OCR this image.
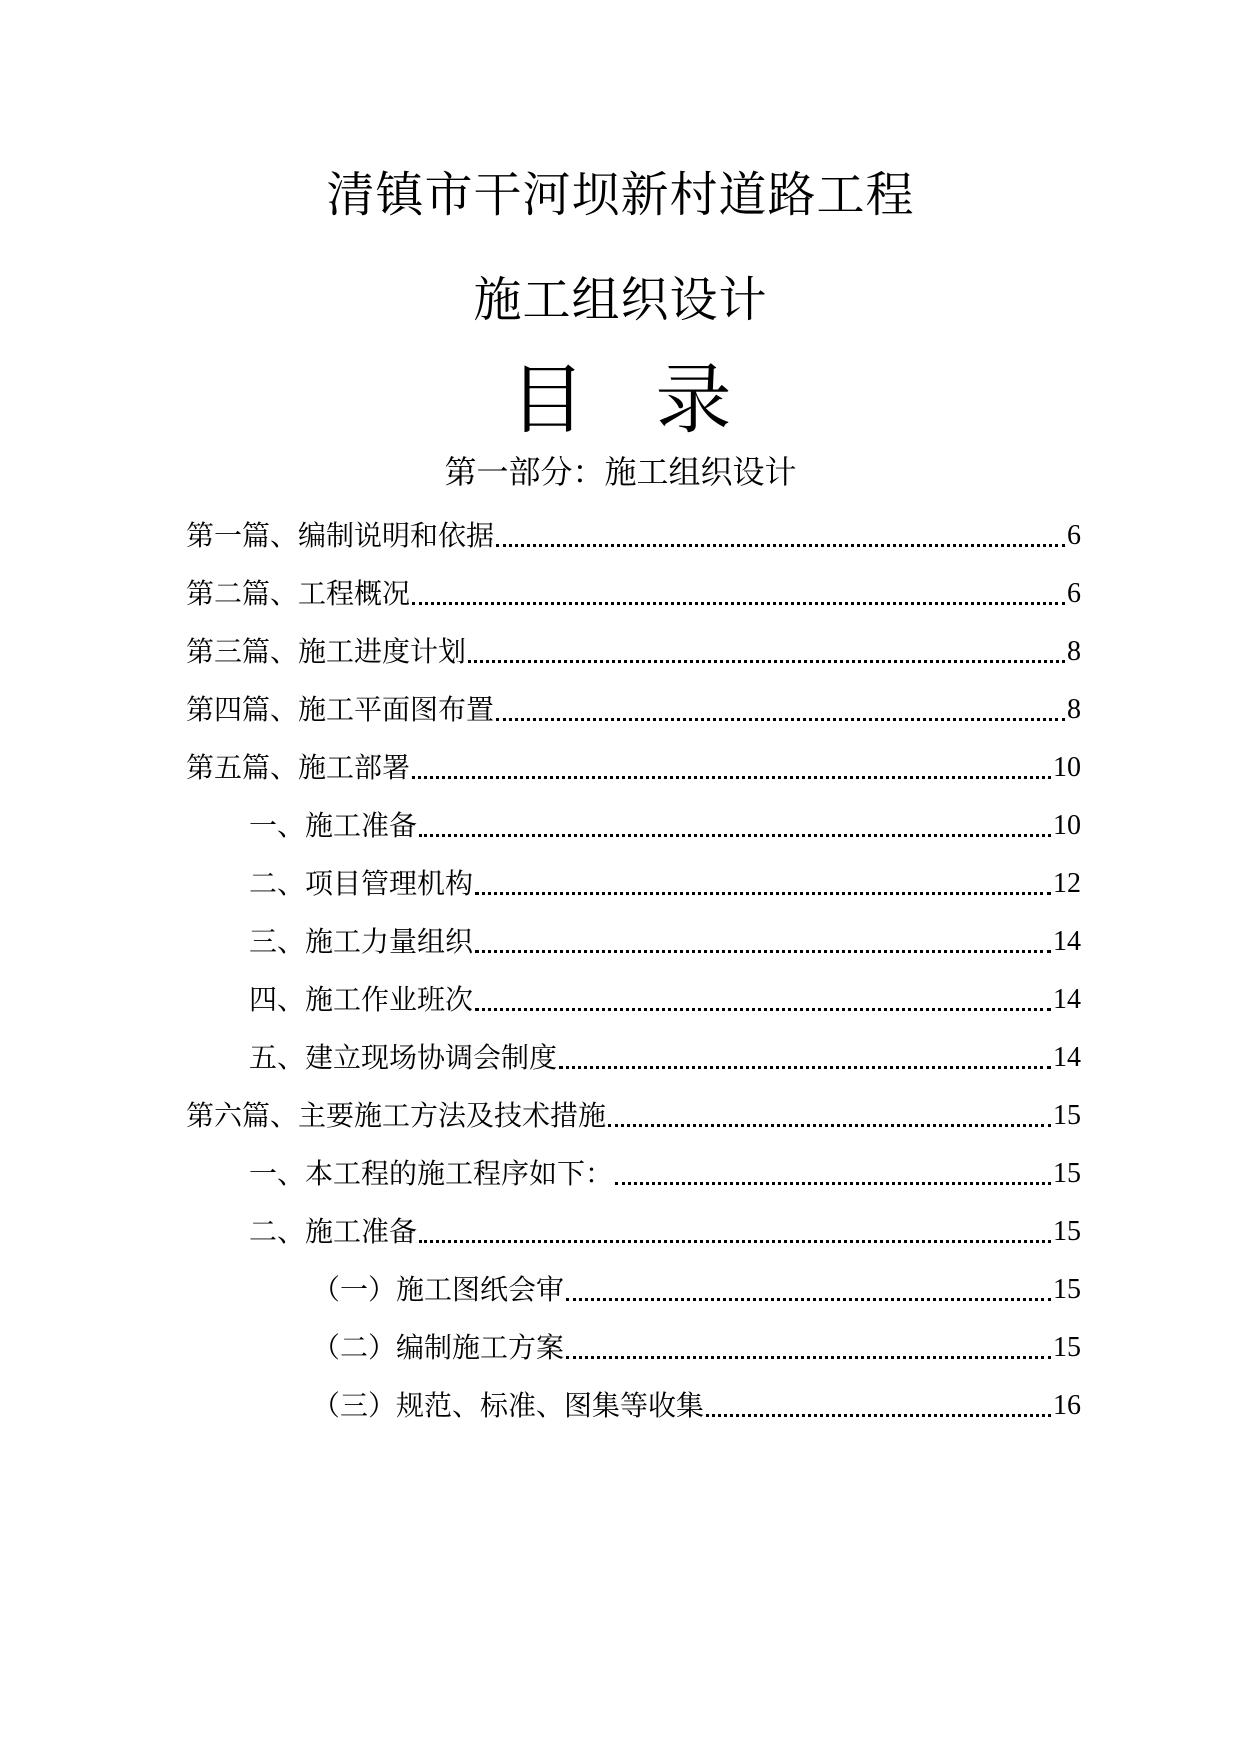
清镇市干河坝新村道路工程
施工组织设计
目录
第一部分：施工组织设计
第一篇、编制说明和依据	6
第二篇、工程概况	6
第三篇、施工进度计划	8
第四篇、施工平面图布置	8
第五篇、施工部署	10
一、施工准备	10
二、项目管理机构	12
三、施工力量组织	14
四、施工作业班次	14
五、建立现场协调会制度	14
第六篇、主要施工方法及技术措施	15
一、本工程的施工程序如下：	15
二、施工准备	15
（一）施工图纸会审	15
（二）编制施工方案	15
（三）规范、标准、图集等收集	16
